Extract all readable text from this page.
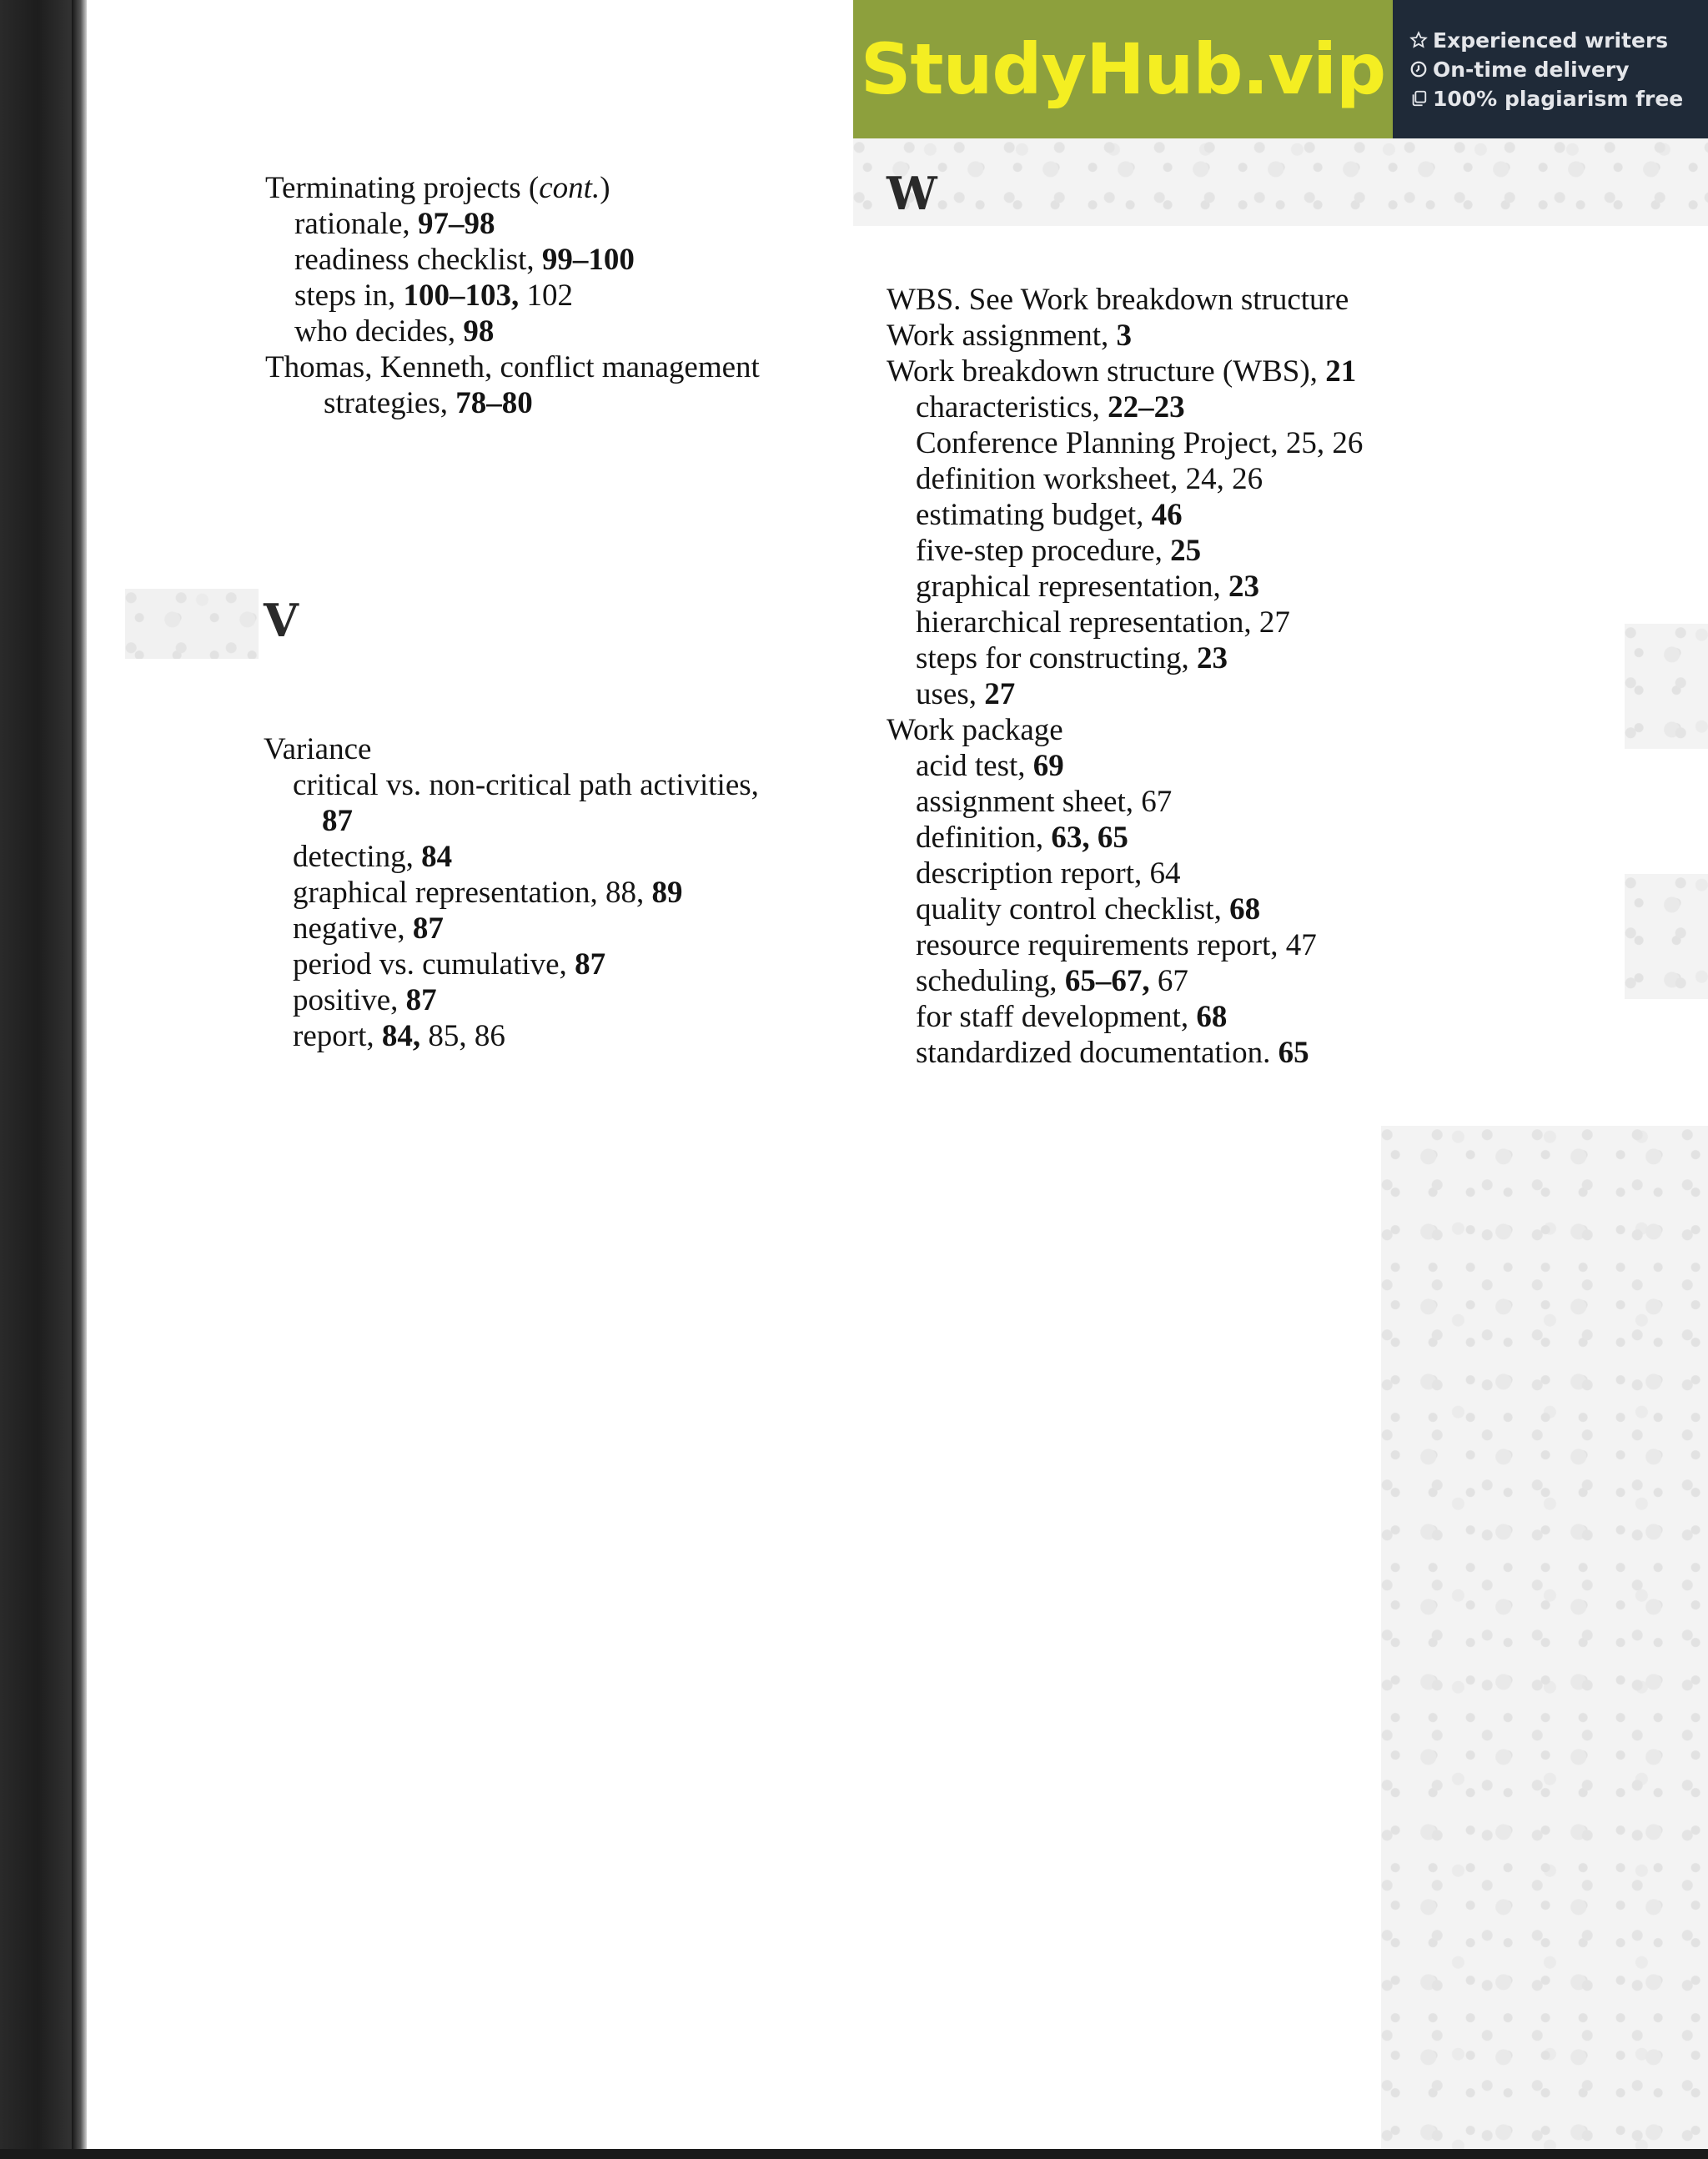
StudyHub.vip Experienced writers
On-time delivery
100% plagiarism free
Terminating projects (cont.)
rationale, 97–98
readiness checklist, 99–100
steps in, 100–103, 102
who decides, 98
Thomas, Kenneth, conflict management
strategies, 78–80
V
Variance
critical vs. non-critical path activities,
87
detecting, 84
graphical representation, 88, 89
negative, 87
period vs. cumulative, 87
positive, 87
report, 84, 85, 86
W
WBS. See Work breakdown structure
Work assignment, 3
Work breakdown structure (WBS), 21
characteristics, 22–23
Conference Planning Project, 25, 26
definition worksheet, 24, 26
estimating budget, 46
five-step procedure, 25
graphical representation, 23
hierarchical representation, 27
steps for constructing, 23
uses, 27
Work package
acid test, 69
assignment sheet, 67
definition, 63, 65
description report, 64
quality control checklist, 68
resource requirements report, 47
scheduling, 65–67, 67
for staff development, 68
standardized documentation. 65
